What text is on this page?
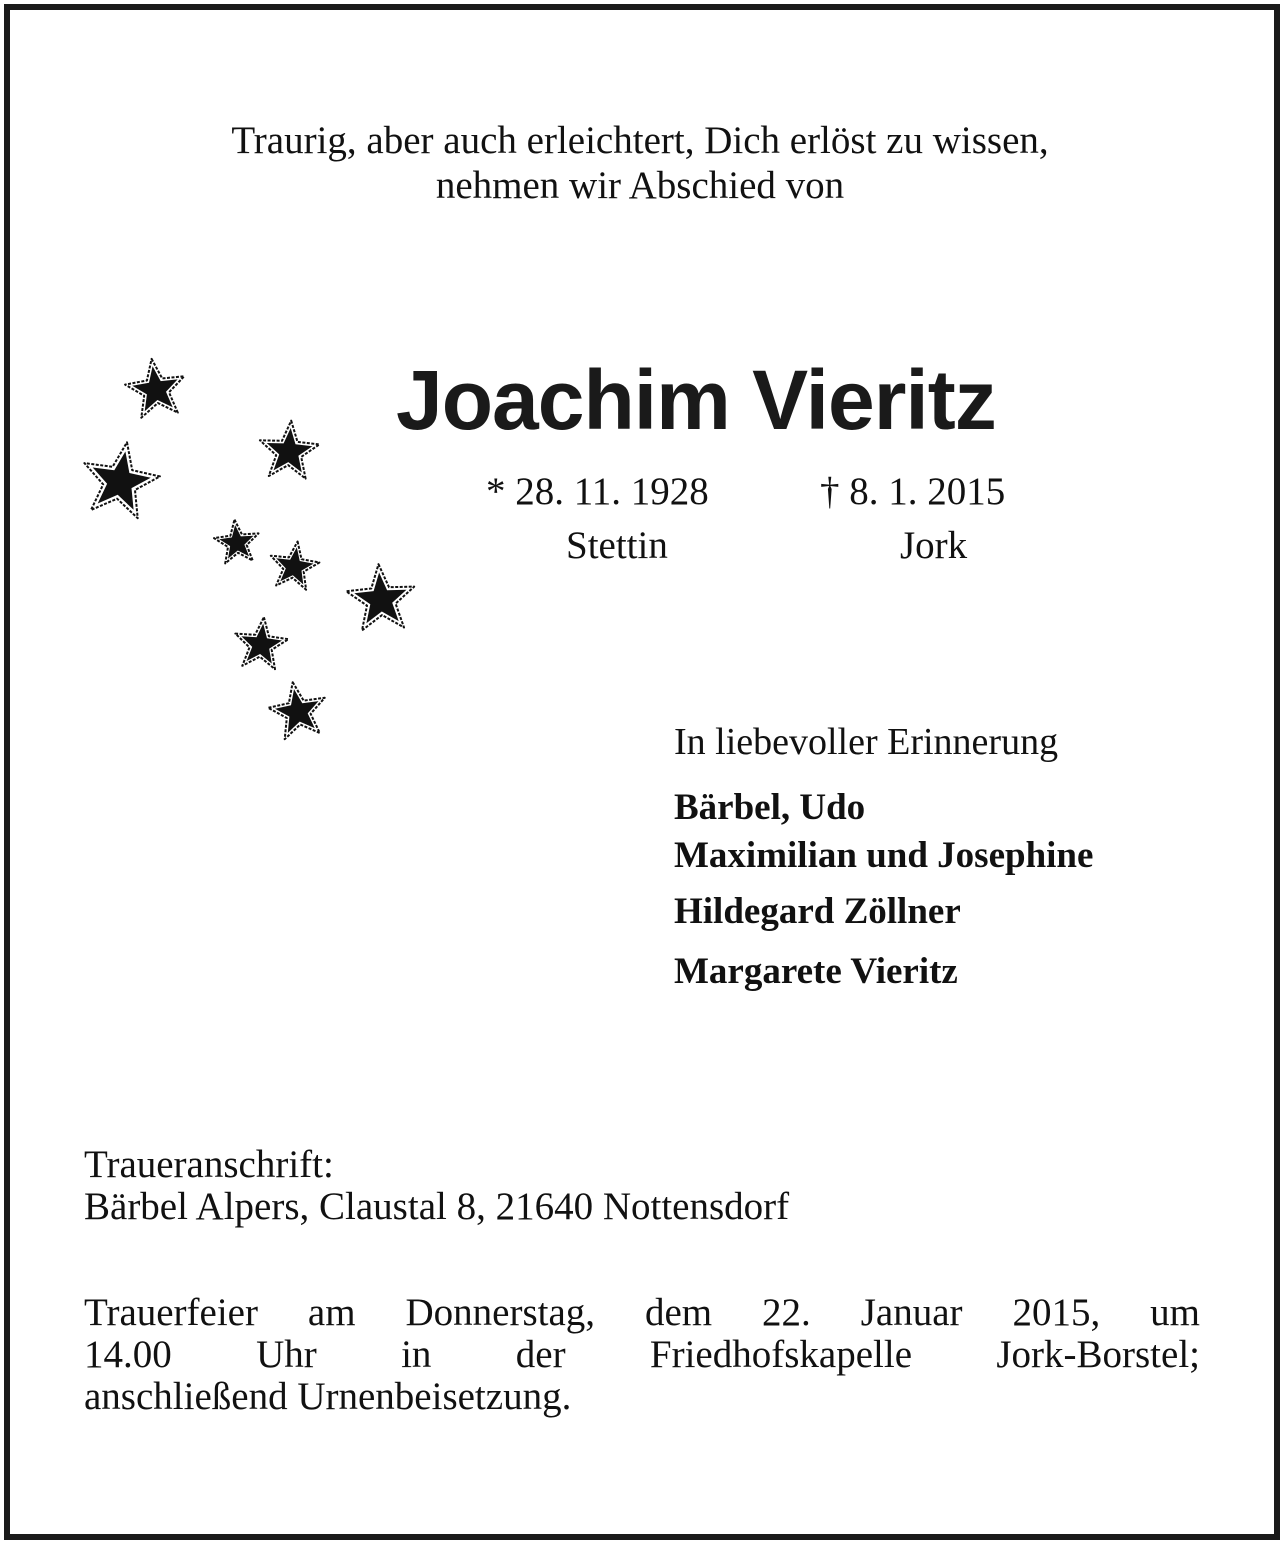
Traurig, aber auch erleichtert, Dich erlöst zu wissen,
nehmen wir Abschied von
Joachim Vieritz
* 28. 11. 1928	† 8. 1. 2015
Stettin	Jork
In liebevoller Erinnerung
Bärbel, Udo
Maximilian und Josephine
Hildegard Zöllner
Margarete Vieritz
Traueranschrift:
Bärbel Alpers, Claustal 8, 21640 Nottensdorf
Trauerfeier am Donnerstag, dem 22. Januar 2015, um
14.00 Uhr in der Friedhofskapelle Jork-Borstel;
anschließend Urnenbeisetzung.
